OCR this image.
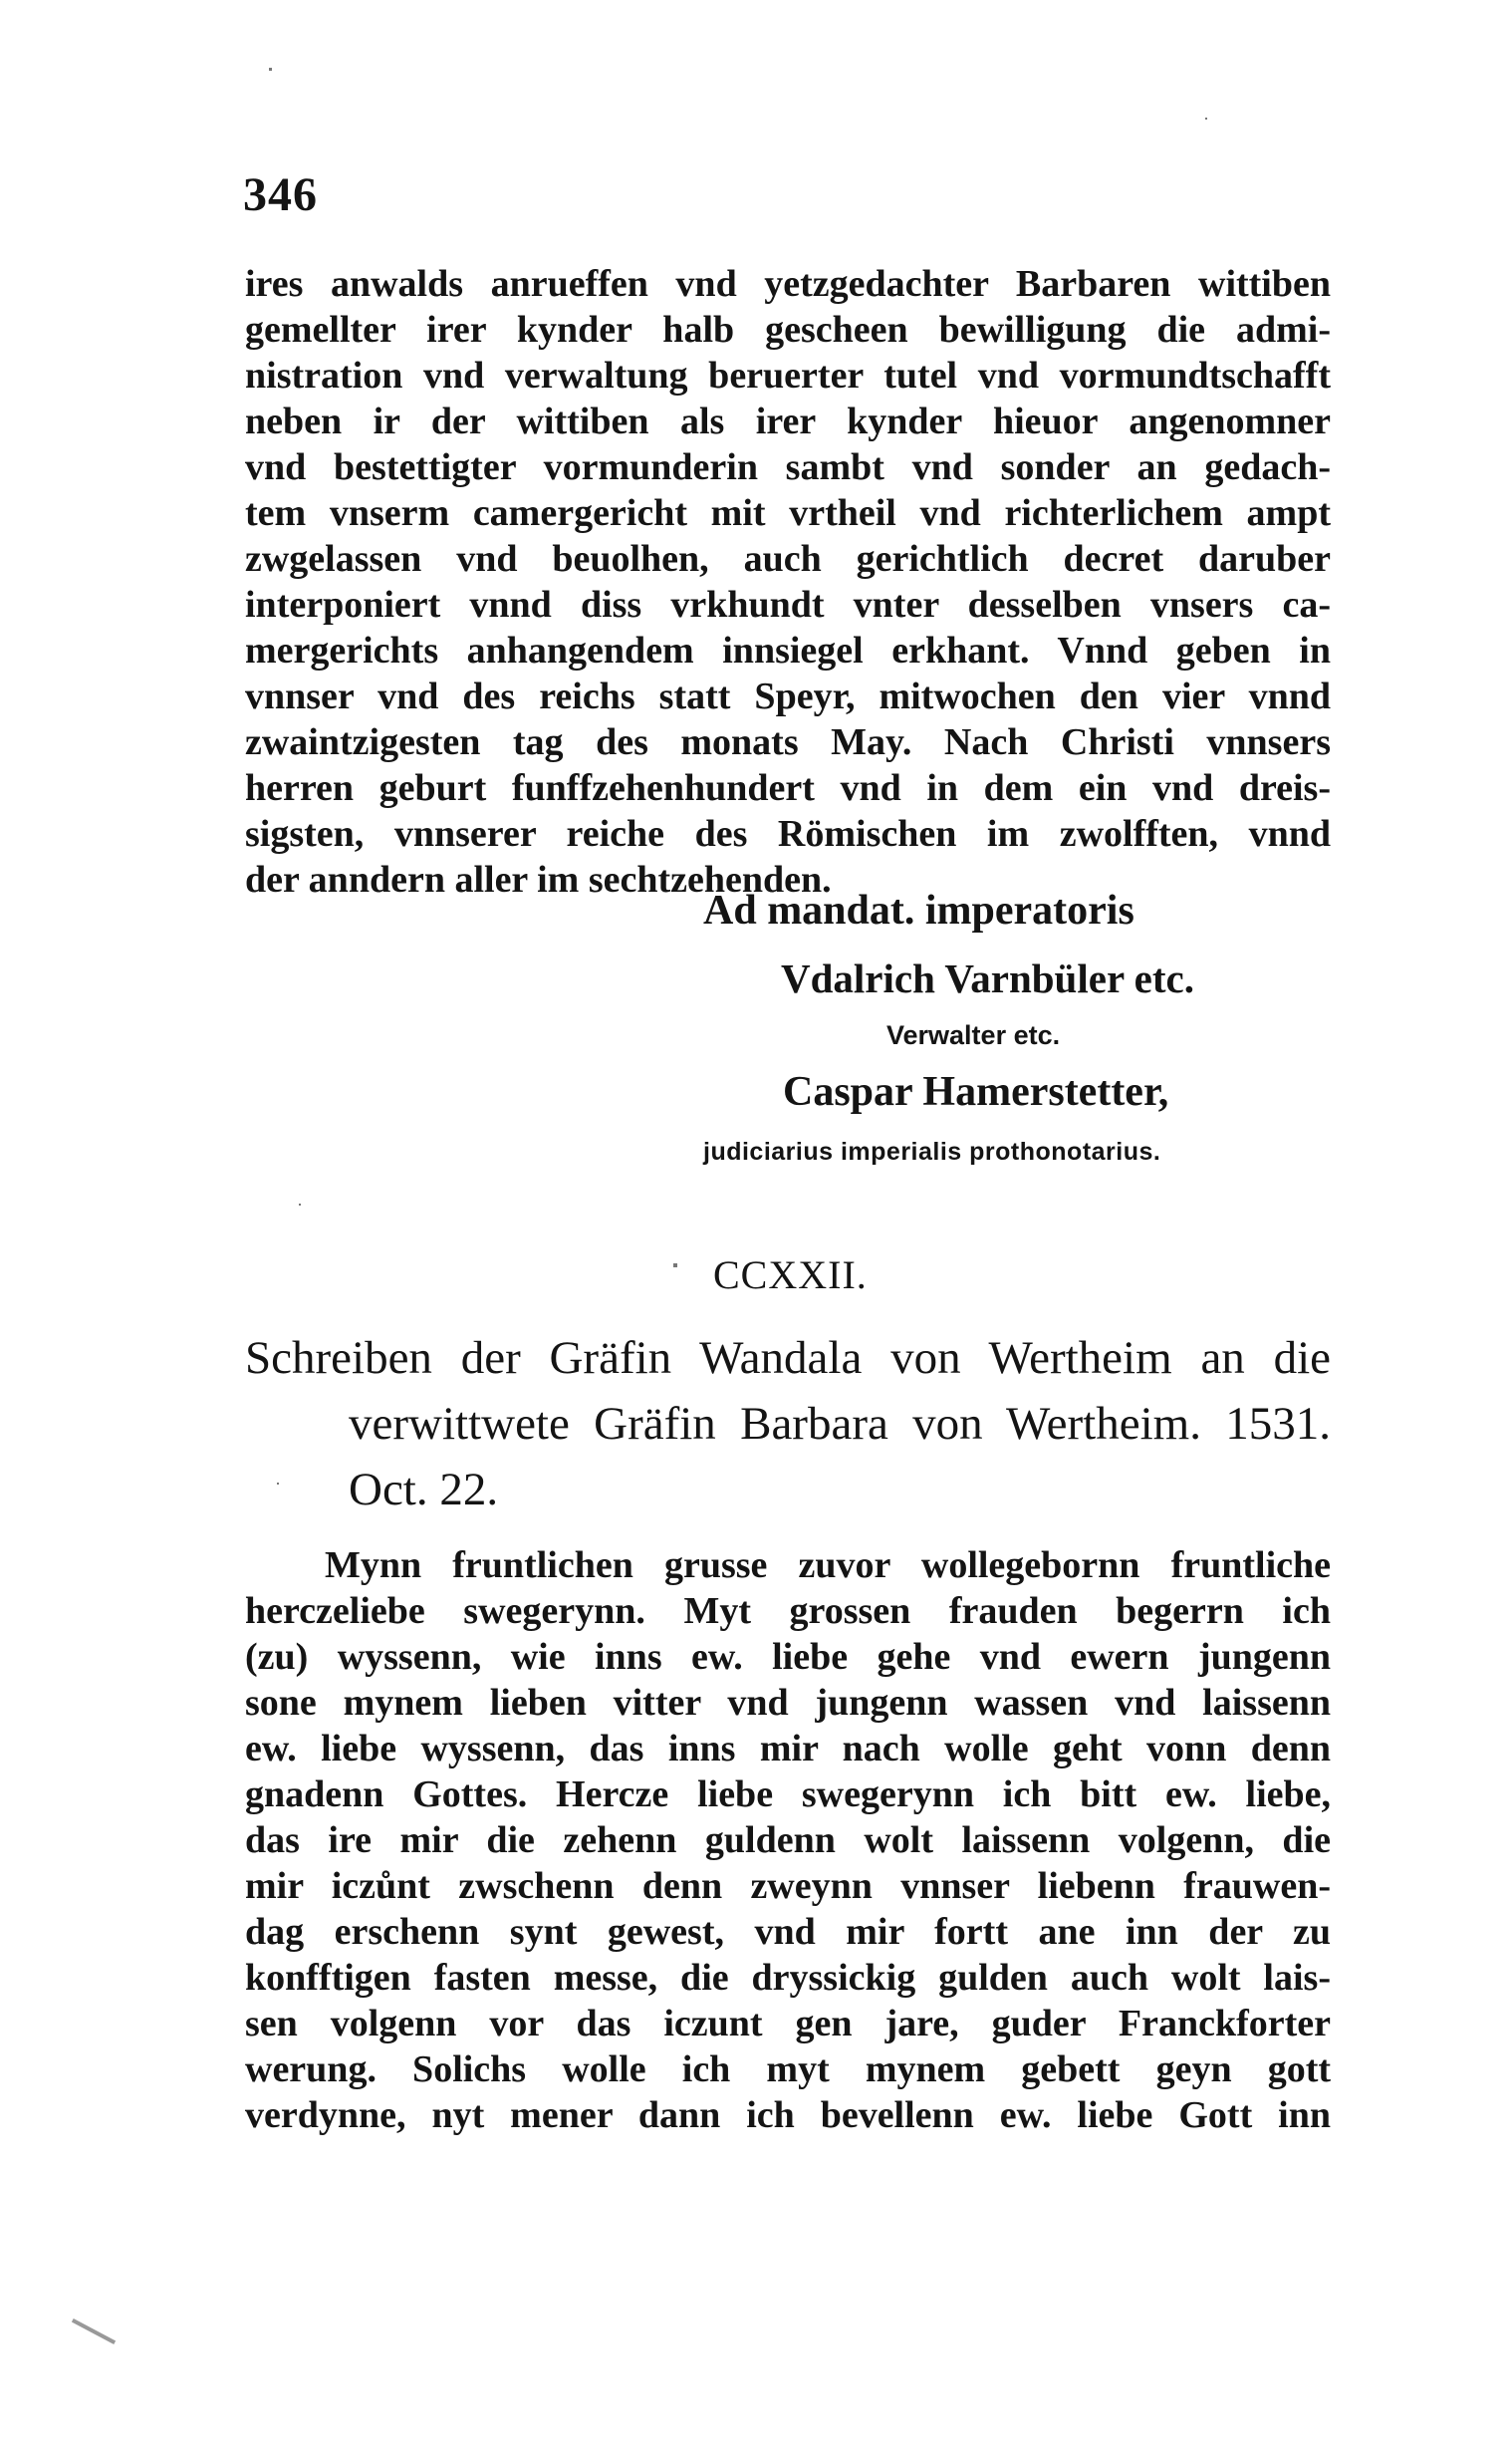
346
ires anwalds anrueffen vnd yetzgedachter Barbaren wittiben
gemellter irer kynder halb gescheen bewilligung die admi-
nistration vnd verwaltung beruerter tutel vnd vormundtschafft
neben ir der wittiben als irer kynder hieuor angenomner
vnd bestettigter vormunderin sambt vnd sonder an gedach-
tem vnserm camergericht mit vrtheil vnd richterlichem ampt
zwgelassen vnd beuolhen, auch gerichtlich decret daruber
interponiert vnnd diss vrkhundt vnter desselben vnsers ca-
mergerichts anhangendem innsiegel erkhant. Vnnd geben in
vnnser vnd des reichs statt Speyr, mitwochen den vier vnnd
zwaintzigesten tag des monats May. Nach Christi vnnsers
herren geburt funffzehenhundert vnd in dem ein vnd dreis-
sigsten, vnnserer reiche des Römischen im zwolfften, vnnd
der anndern aller im sechtzehenden.
Ad mandat. imperatoris
Vdalrich Varnbüler etc.
Verwalter etc.
Caspar Hamerstetter,
judiciarius imperialis prothonotarius.
CCXXII.
Schreiben der Gräfin Wandala von Wertheim an die
verwittwete Gräfin Barbara von Wertheim. 1531.
Oct. 22.
Mynn fruntlichen grusse zuvor wollegebornn fruntliche
herczeliebe swegerynn. Myt grossen frauden begerrn ich
(zu) wyssenn, wie inns ew. liebe gehe vnd ewern jungenn
sone mynem lieben vitter vnd jungenn wassen vnd laissenn
ew. liebe wyssenn, das inns mir nach wolle geht vonn denn
gnadenn Gottes. Hercze liebe swegerynn ich bitt ew. liebe,
das ire mir die zehenn guldenn wolt laissenn volgenn, die
mir iczůnt zwschenn denn zweynn vnnser liebenn frauwen-
dag erschenn synt gewest, vnd mir fortt ane inn der zu
konfftigen fasten messe, die dryssickig gulden auch wolt lais-
sen volgenn vor das iczunt gen jare, guder Franckforter
werung. Solichs wolle ich myt mynem gebett geyn gott
verdynne, nyt mener dann ich bevellenn ew. liebe Gott inn
